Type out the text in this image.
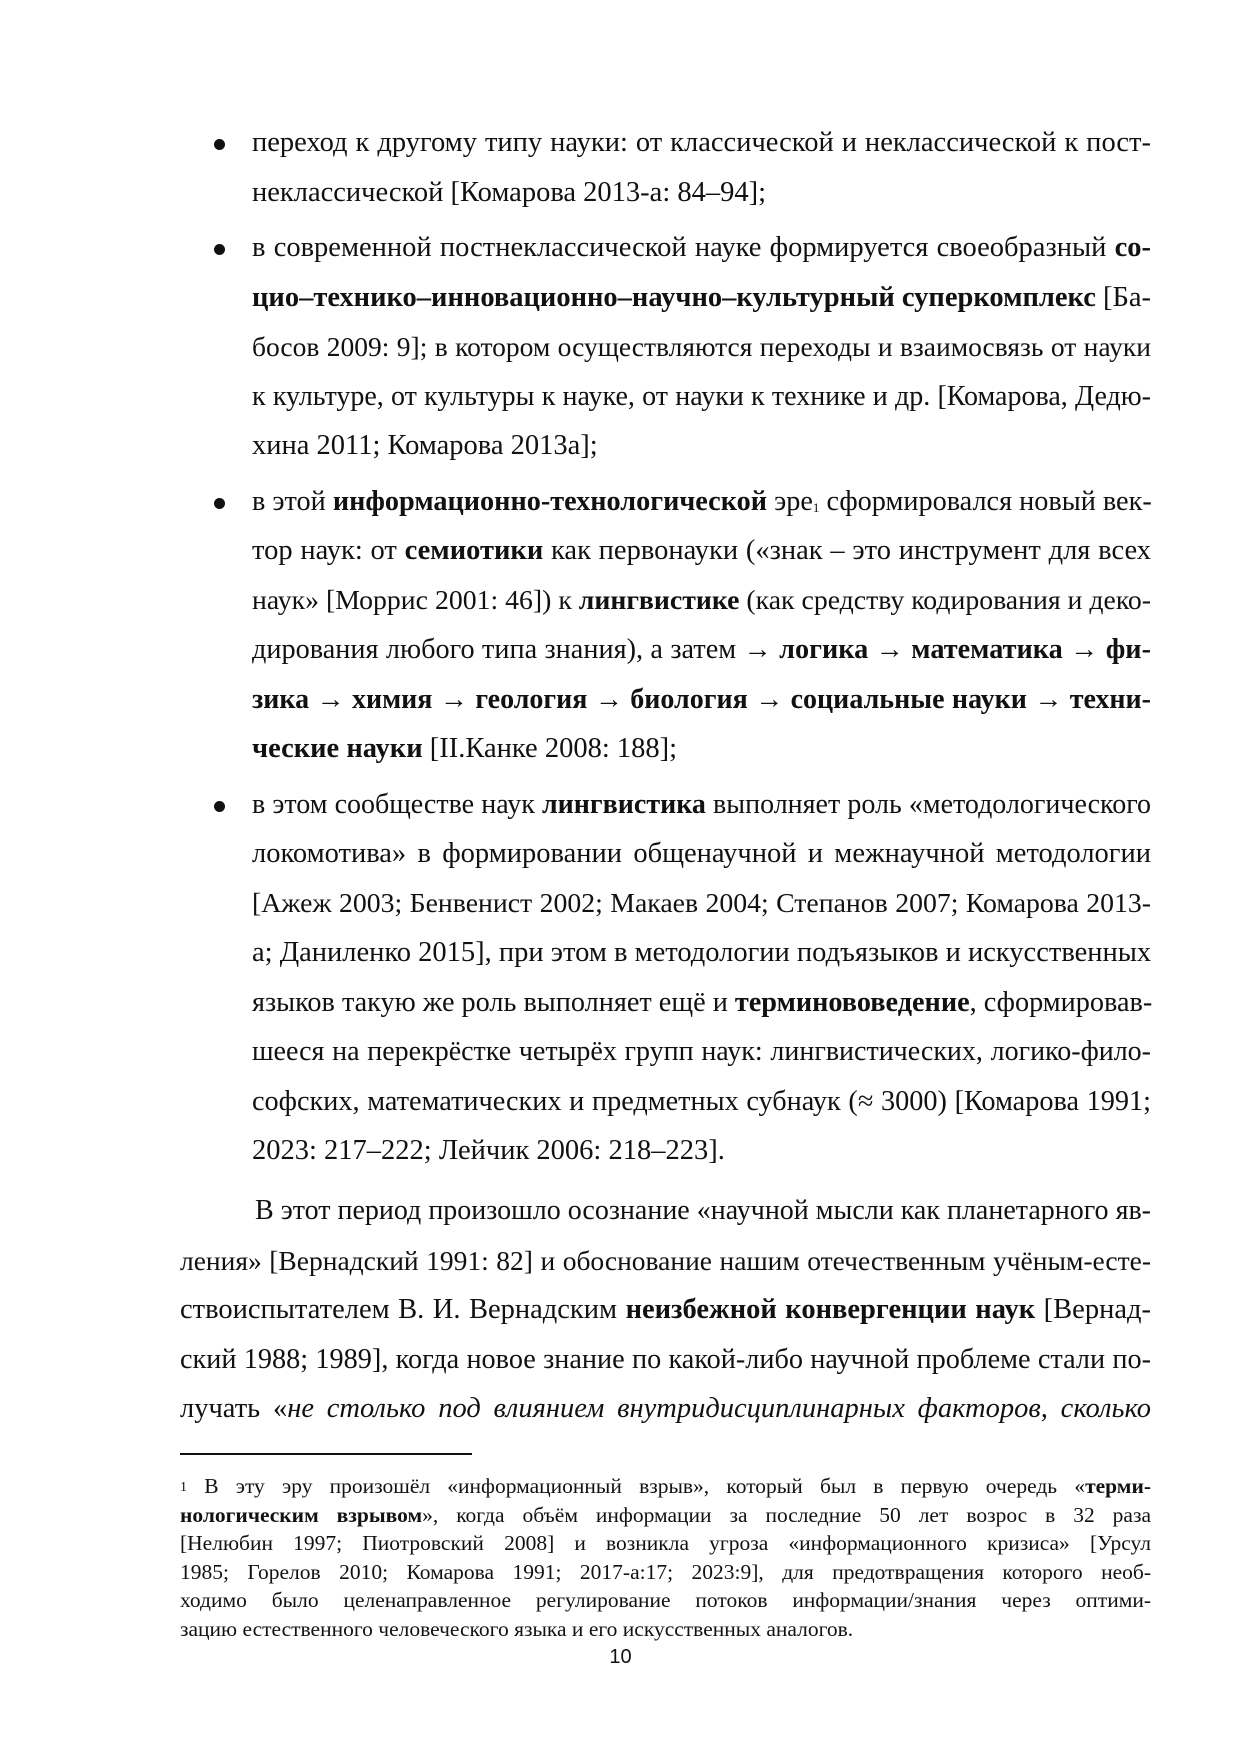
переход к другому типу науки: от классической и неклассической к пост-
неклассической [Комарова 2013-а: 84–94];
в современной постнеклассической науке формируется своеобразный со-
цио–технико–инновационно–научно–культурный суперкомплекс [Ба-
босов 2009: 9]; в котором осуществляются переходы и взаимосвязь от науки
к культуре, от культуры к науке, от науки к технике и др. [Комарова, Дедю-
хина 2011; Комарова 2013а];
в этой информационно-технологической эре$^1$ сформировался новый век-
тор наук: от семиотики как первонауки («знак – это инструмент для всех
наук» [Моррис 2001: 46]) к лингвистике (как средству кодирования и деко-
дирования любого типа знания), а затем → логика → математика → фи-
зика → химия → геология → биология → социальные науки → техни-
ческие науки [II.Канке 2008: 188];
в этом сообществе наук лингвистика выполняет роль «методологического
локомотива» в формировании общенаучной и межнаучной методологии
[Ажеж 2003; Бенвенист 2002; Макаев 2004; Степанов 2007; Комарова 2013-
а; Даниленко 2015], при этом в методологии подъязыков и искусственных
языков такую же роль выполняет ещё и терминововедение, сформировав-
шееся на перекрёстке четырёх групп наук: лингвистических, логико-фило-
софских, математических и предметных субнаук (≈ 3000) [Комарова 1991;
2023: 217–222; Лейчик 2006: 218–223].
В этот период произошло осознание «научной мысли как планетарного яв-
ления» [Вернадский 1991: 82] и обоснование нашим отечественным учёным-есте-
ствоиспытателем В. И. Вернадским неизбежной конвергенции наук [Вернад-
ский 1988; 1989], когда новое знание по какой-либо научной проблеме стали по-
лучать «не столько под влиянием внутридисциплинарных факторов, сколько
$^1$ В эту эру произошёл «информационный взрыв», который был в первую очередь «терми-
нологическим взрывом», когда объём информации за последние 50 лет возрос в 32 раза
[Нелюбин 1997; Пиотровский 2008] и возникла угроза «информационного кризиса» [Урсул
1985; Горелов 2010; Комарова 1991; 2017-а:17; 2023:9], для предотвращения которого необ-
ходимо было целенаправленное регулирование потоков информации/знания через оптими-
зацию естественного человеческого языка и его искусственных аналогов.
10
